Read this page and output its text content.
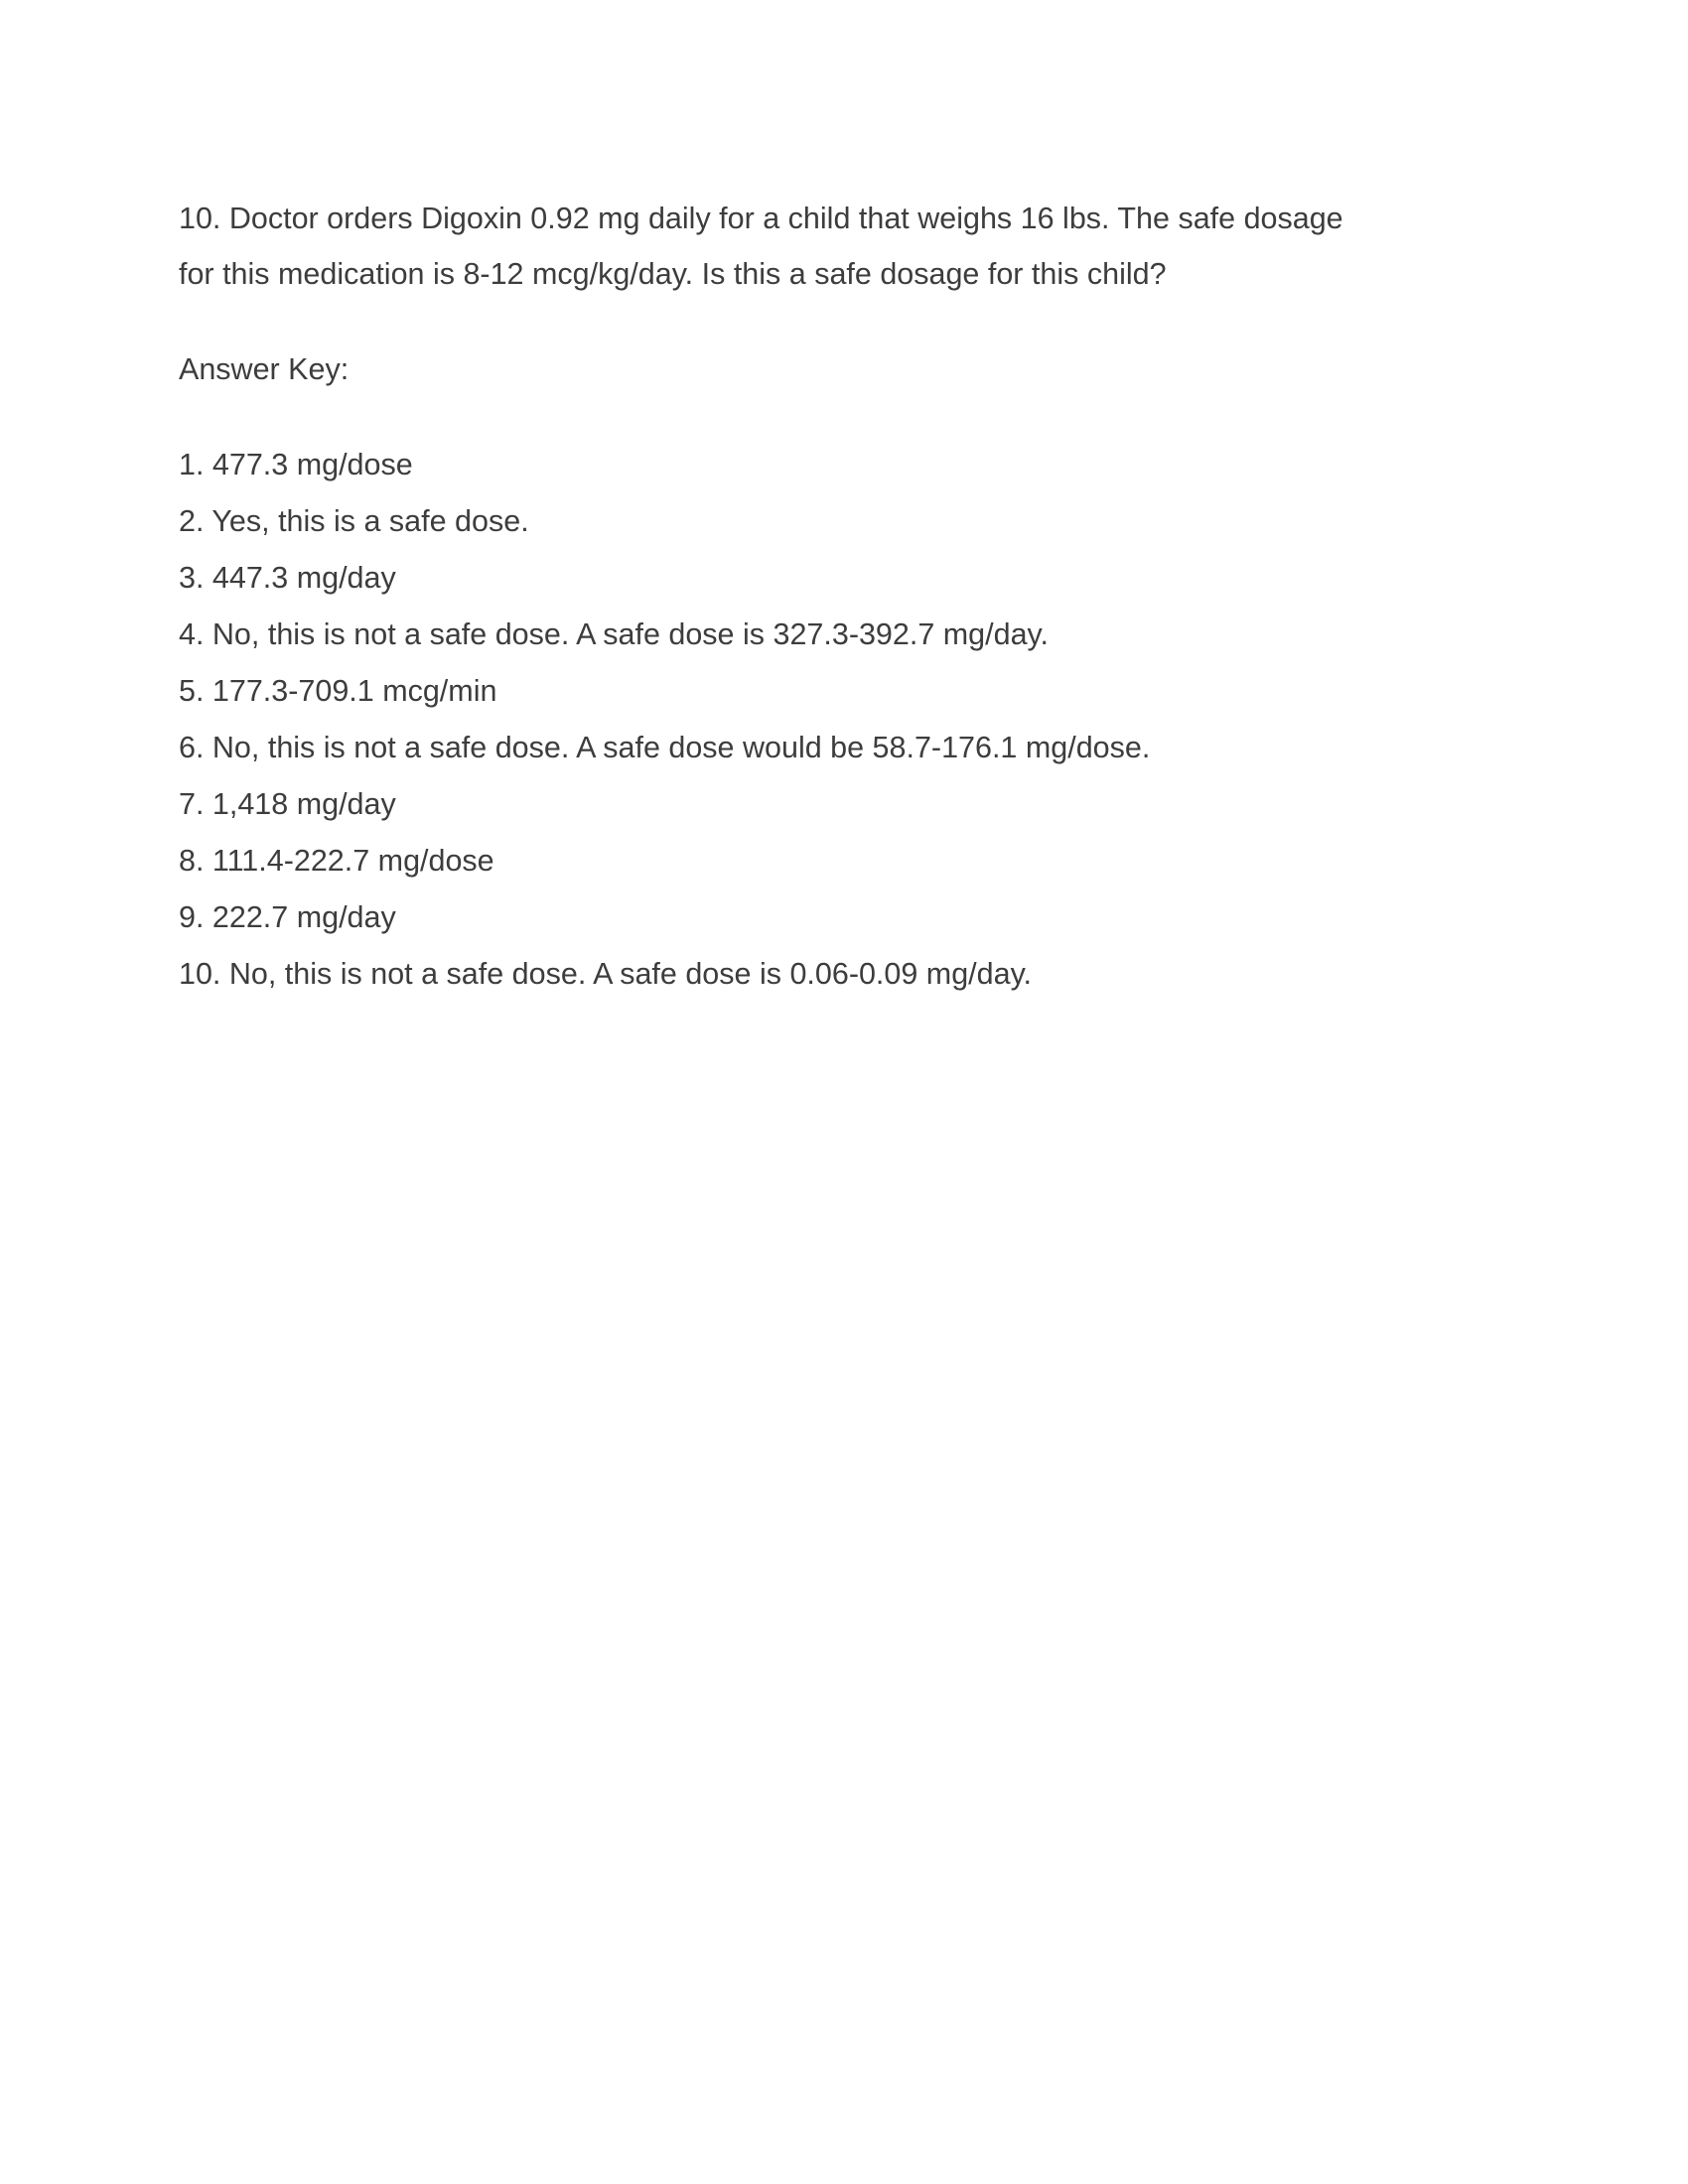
10. Doctor orders Digoxin 0.92 mg daily for a child that weighs 16 lbs. The safe dosage
for this medication is 8-12 mcg/kg/day. Is this a safe dosage for this child?

Answer Key:

1. 477.3 mg/dose
2. Yes, this is a safe dose.
3. 447.3 mg/day
4. No, this is not a safe dose. A safe dose is 327.3-392.7 mg/day.
5. 177.3-709.1 mcg/min
6. No, this is not a safe dose. A safe dose would be 58.7-176.1 mg/dose.
7. 1,418 mg/day
8. 111.4-222.7 mg/dose
9. 222.7 mg/day
10. No, this is not a safe dose. A safe dose is 0.06-0.09 mg/day.
